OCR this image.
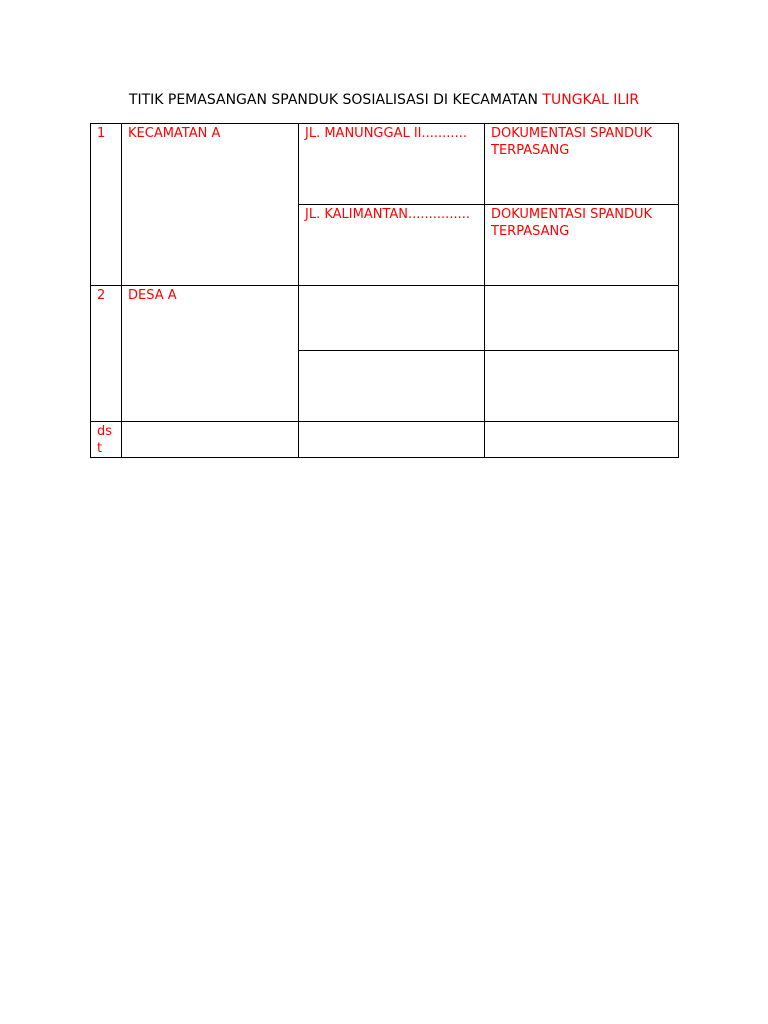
TITIK PEMASANGAN SPANDUK SOSIALISASI DI KECAMATAN TUNGKAL ILIR
1	KECAMATAN A	JL. MANUNGGAL II...........	DOKUMENTASI SPANDUK TERPASANG
		JL. KALIMANTAN...............	DOKUMENTASI SPANDUK TERPASANG
2	DESA A		

dst			
